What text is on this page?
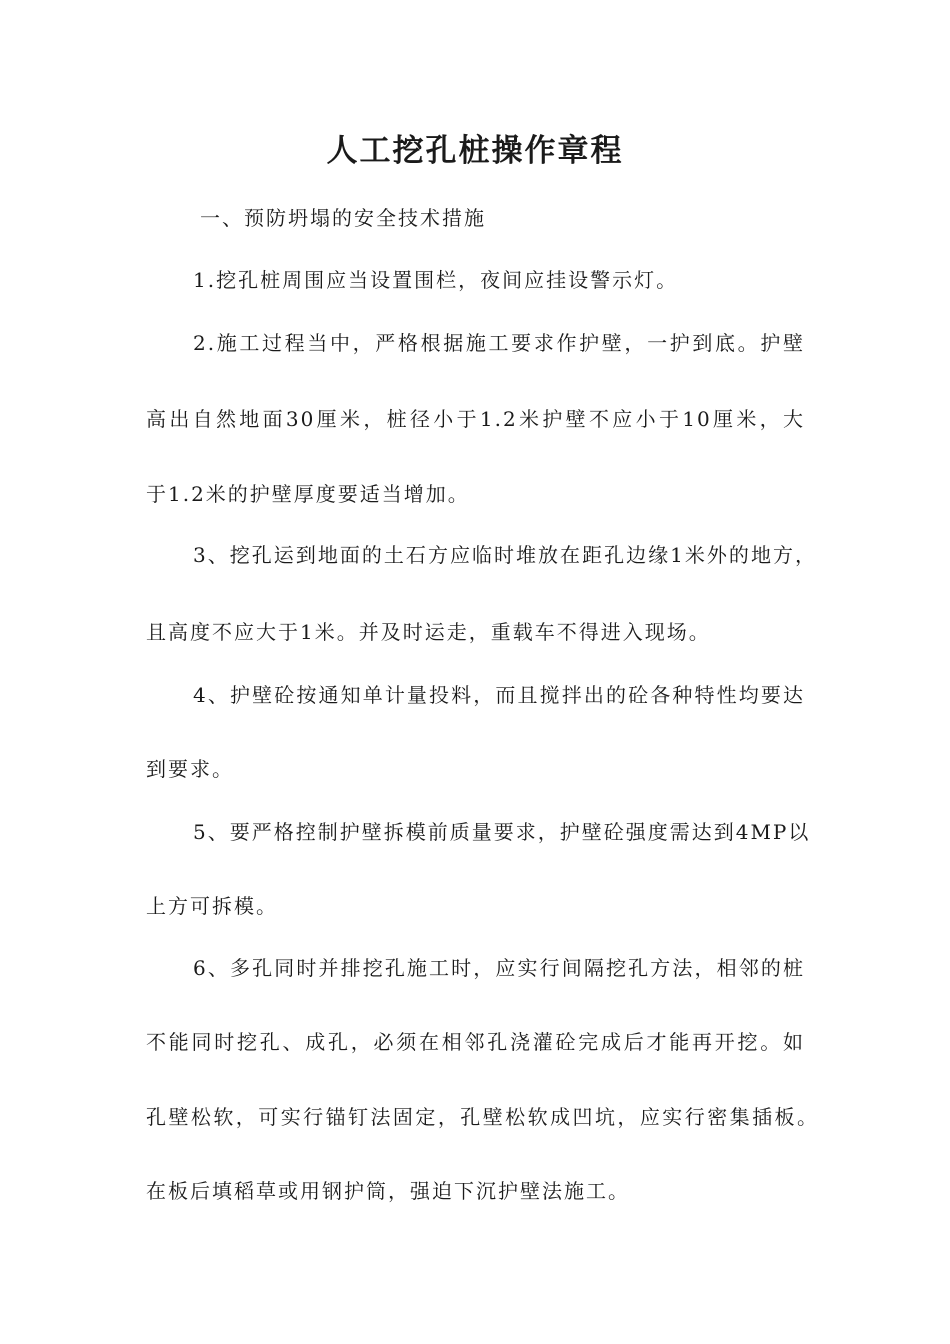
人工挖孔桩操作章程
一、预防坍塌的安全技术措施
1.挖孔桩周围应当设置围栏，夜间应挂设警示灯。
2.施工过程当中，严格根据施工要求作护壁，一护到底。护壁
高出自然地面30厘米，桩径小于1.2米护壁不应小于10厘米，大
于1.2米的护壁厚度要适当增加。
3、挖孔运到地面的土石方应临时堆放在距孔边缘1米外的地方，
且高度不应大于1米。并及时运走，重载车不得进入现场。
4、护壁砼按通知单计量投料，而且搅拌出的砼各种特性均要达
到要求。
5、要严格控制护壁拆模前质量要求，护壁砼强度需达到4MP以
上方可拆模。
6、多孔同时并排挖孔施工时，应实行间隔挖孔方法，相邻的桩
不能同时挖孔、成孔，必须在相邻孔浇灌砼完成后才能再开挖。如
孔壁松软，可实行锚钉法固定，孔壁松软成凹坑，应实行密集插板。
在板后填稻草或用钢护筒，强迫下沉护壁法施工。
